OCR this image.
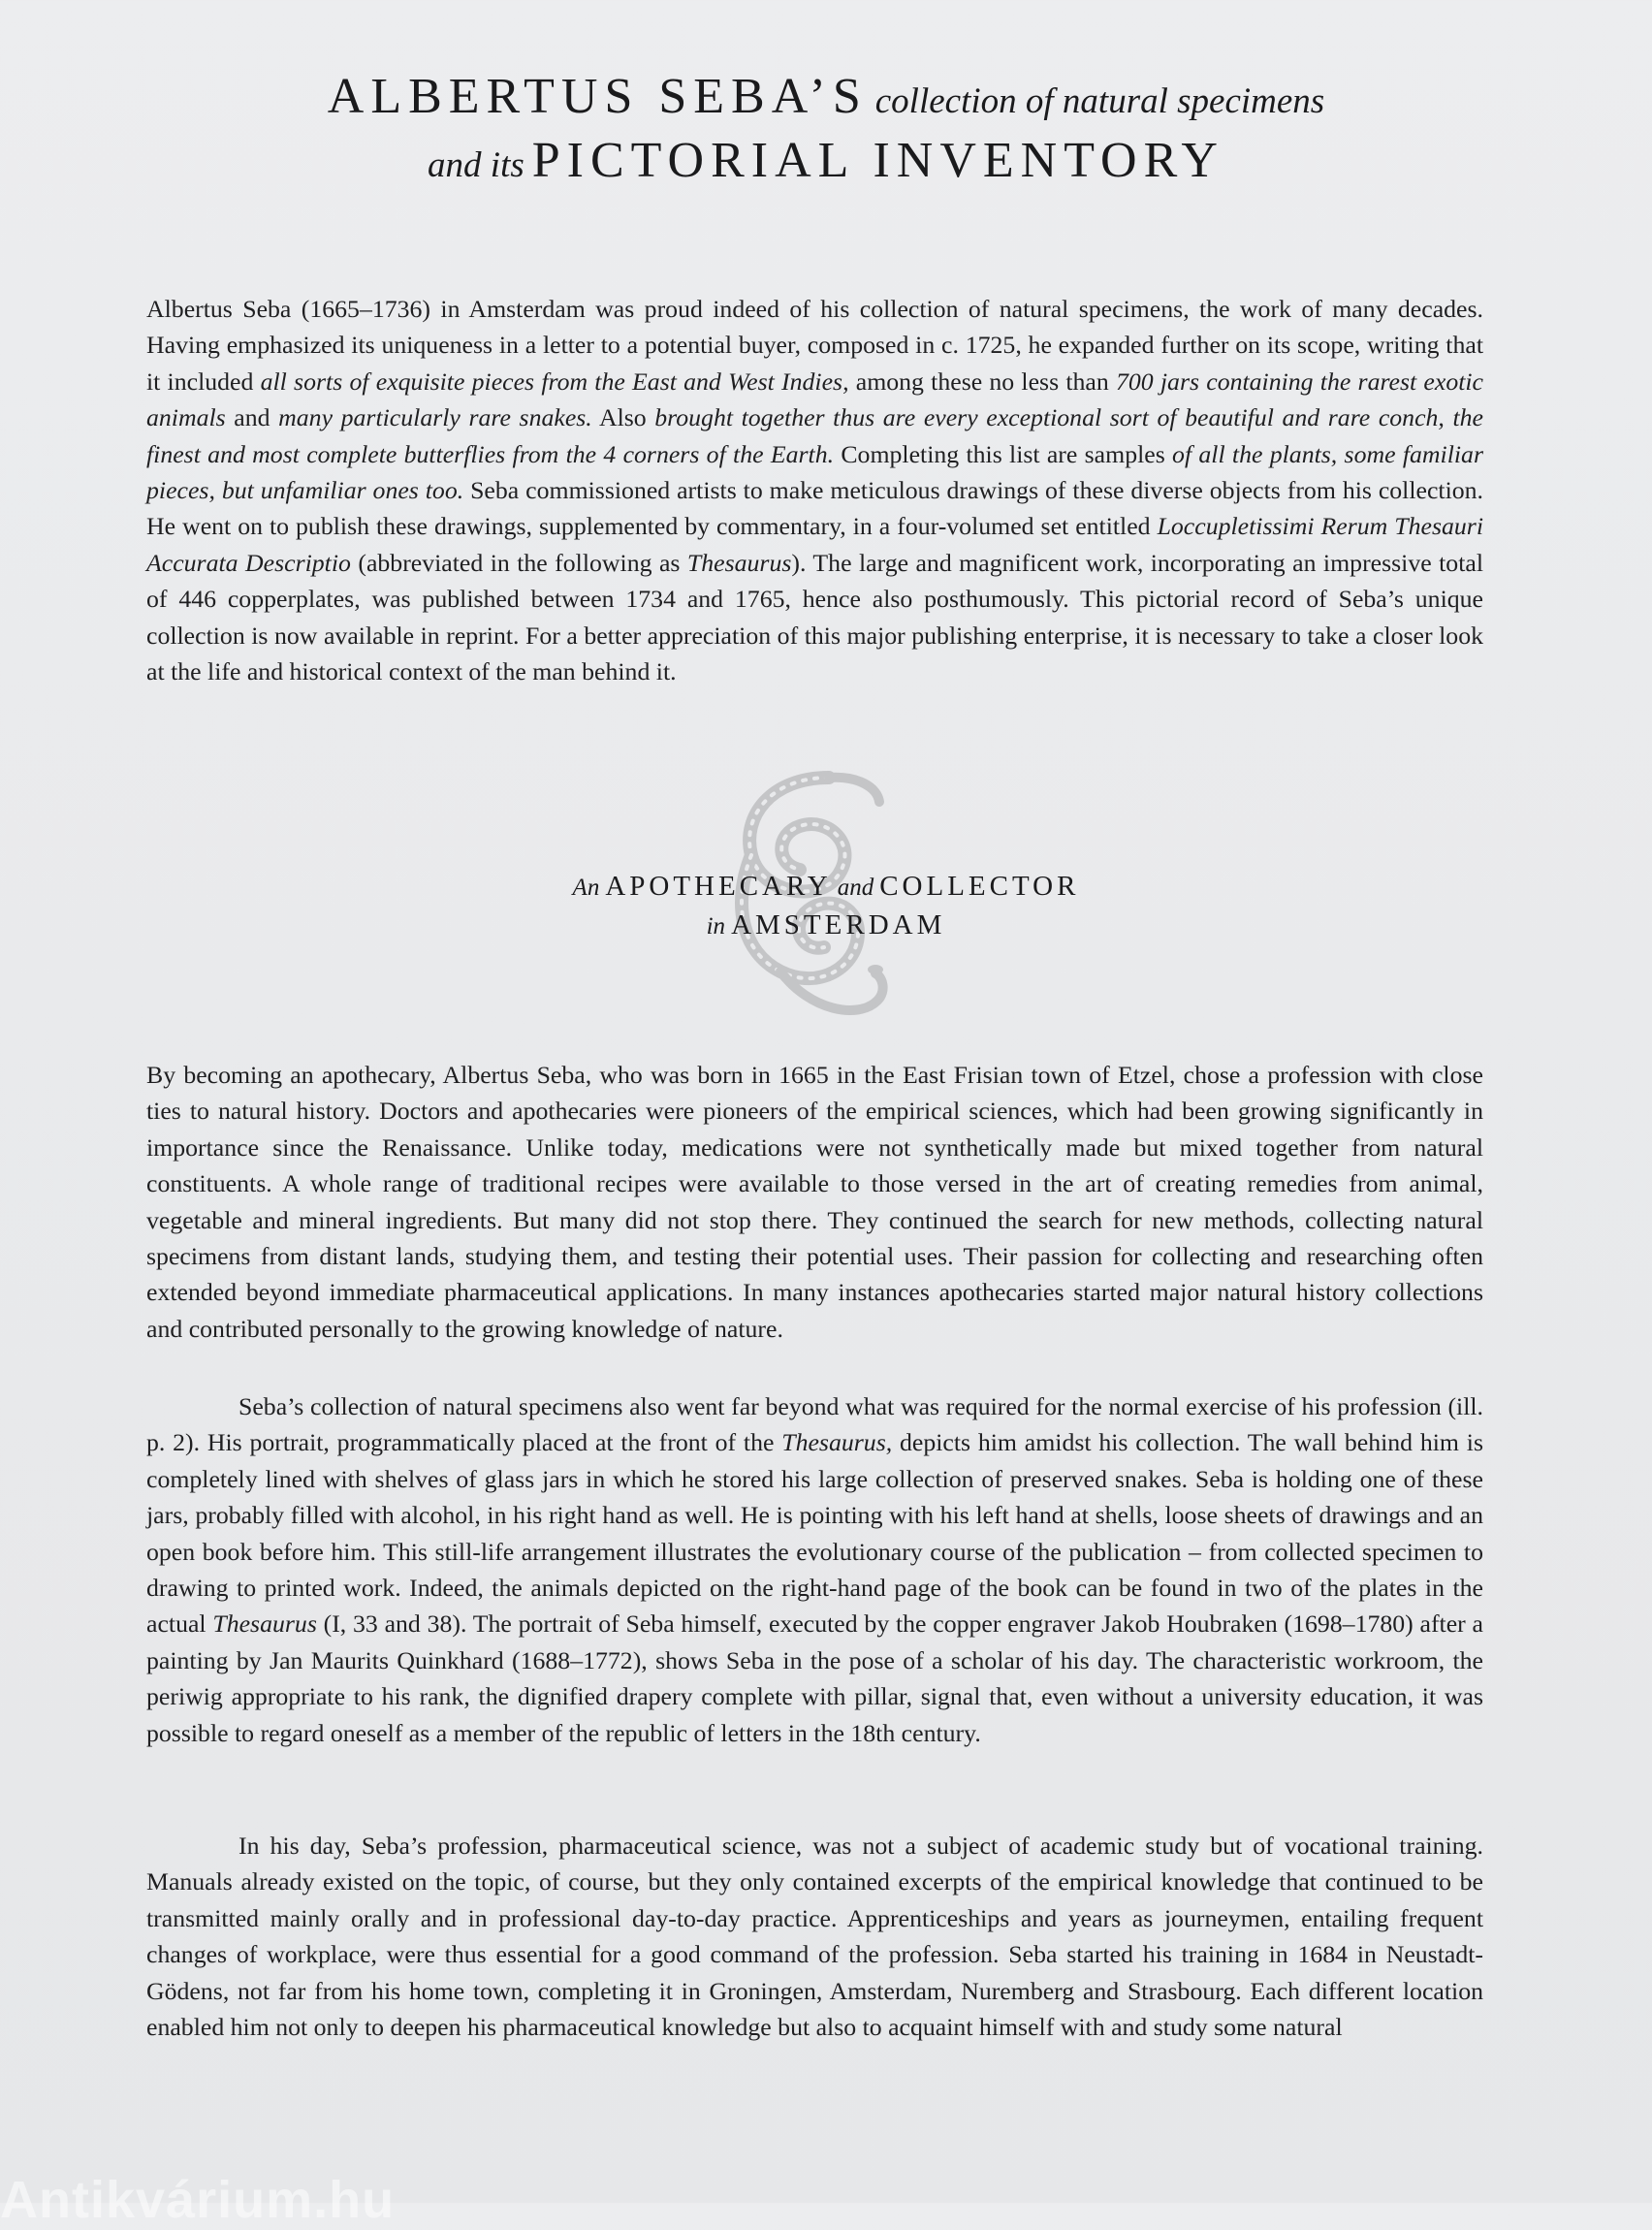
ALBERTUS SEBA’S collection of natural specimens
and its PICTORIAL INVENTORY

Albertus Seba (1665–1736) in Amsterdam was proud indeed of his collection of natural specimens, the work of many decades. Having emphasized its uniqueness in a letter to a potential buyer, composed in c. 1725, he expanded further on its scope, writing that it included all sorts of exquisite pieces from the East and West Indies, among these no less than 700 jars containing the rarest exotic animals and many particularly rare snakes. Also brought together thus are every exceptional sort of beautiful and rare conch, the finest and most complete butterflies from the 4 corners of the Earth. Completing this list are samples of all the plants, some familiar pieces, but unfamiliar ones too. Seba commissioned artists to make meticulous drawings of these diverse objects from his collection. He went on to publish these drawings, supplemented by commentary, in a four-volumed set entitled Loccupletissimi Rerum Thesauri Accurata Descriptio (abbreviated in the following as Thesaurus). The large and magnificent work, incorporating an impressive total of 446 copperplates, was published between 1734 and 1765, hence also posthumously. This pictorial record of Seba’s unique collection is now available in reprint. For a better appreciation of this major publishing enterprise, it is necessary to take a closer look at the life and historical context of the man behind it.

An APOTHECARY and COLLECTOR
in AMSTERDAM

By becoming an apothecary, Albertus Seba, who was born in 1665 in the East Frisian town of Etzel, chose a profession with close ties to natural history. Doctors and apothecaries were pioneers of the empirical sciences, which had been growing significantly in importance since the Renaissance. Unlike today, medications were not synthetically made but mixed together from natural constituents. A whole range of traditional recipes were available to those versed in the art of creating remedies from animal, vegetable and mineral ingredients. But many did not stop there. They continued the search for new methods, collecting natural specimens from distant lands, studying them, and testing their potential uses. Their passion for collecting and researching often extended beyond immediate pharmaceutical applications. In many instances apothecaries started major natural history collections and contributed personally to the growing knowledge of nature.

Seba’s collection of natural specimens also went far beyond what was required for the normal exercise of his profession (ill. p. 2). His portrait, programmatically placed at the front of the Thesaurus, depicts him amidst his collection. The wall behind him is completely lined with shelves of glass jars in which he stored his large collection of preserved snakes. Seba is holding one of these jars, probably filled with alcohol, in his right hand as well. He is pointing with his left hand at shells, loose sheets of drawings and an open book before him. This still-life arrangement illustrates the evolutionary course of the publication – from collected specimen to drawing to printed work. Indeed, the animals depicted on the right-hand page of the book can be found in two of the plates in the actual Thesaurus (I, 33 and 38). The portrait of Seba himself, executed by the copper engraver Jakob Houbraken (1698–1780) after a painting by Jan Maurits Quinkhard (1688–1772), shows Seba in the pose of a scholar of his day. The characteristic workroom, the periwig appropriate to his rank, the dignified drapery complete with pillar, signal that, even without a university education, it was possible to regard oneself as a member of the republic of letters in the 18th century.

In his day, Seba’s profession, pharmaceutical science, was not a subject of academic study but of vocational training. Manuals already existed on the topic, of course, but they only contained excerpts of the empirical knowledge that continued to be transmitted mainly orally and in professional day-to-day practice. Apprenticeships and years as journeymen, entailing frequent changes of workplace, were thus essential for a good command of the profession. Seba started his training in 1684 in Neustadt-Gödens, not far from his home town, completing it in Groningen, Amsterdam, Nuremberg and Strasbourg. Each different location enabled him not only to deepen his pharmaceutical knowledge but also to acquaint himself with and study some natural

Antikvárium.hu
